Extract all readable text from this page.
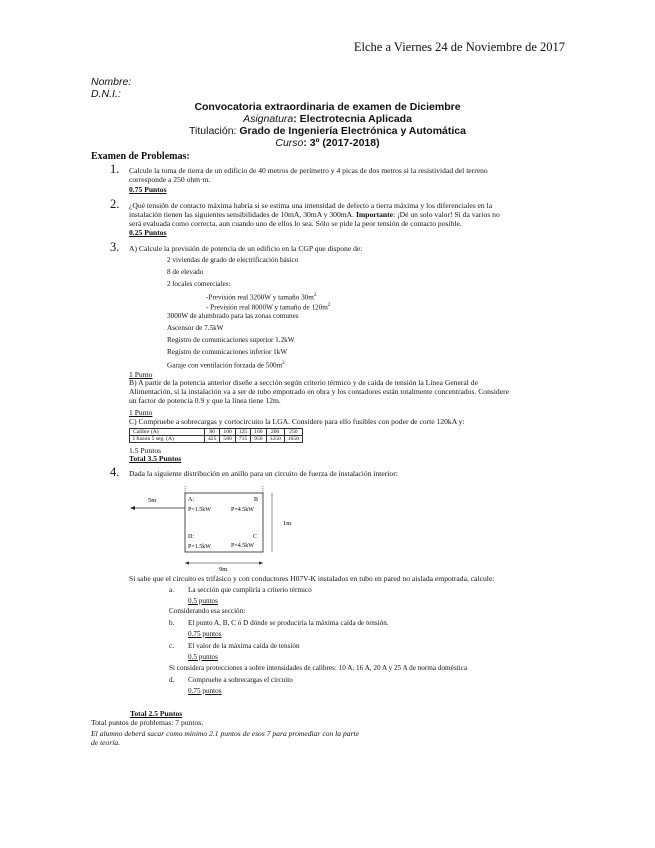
Elche a Viernes 24 de Noviembre de 2017
Nombre:
D.N.I.:
Convocatoria extraordinaria de examen de Diciembre
Asignatura: Electrotecnia Aplicada
Titulación: Grado de Ingeniería Electrónica y Automática
Curso: 3º (2017-2018)
Examen de Problemas:
1. Calcule la toma de tierra de un edificio de 40 metros de perímetro y 4 picas de dos metros si la resistividad del terreno
corresponde a 250 ohm·m.
0.75 Puntos
2. ¿Qué tensión de contacto máxima habría si se estima una intensidad de defecto a tierra máxima y los diferenciales en la
instalación tienen las siguientes sensibilidades de 10mA, 30mA y 300mA. Importante: ¡Dé un solo valor! Si da varios no
será evaluada como correcta, aun cuando uno de ellos lo sea. Sólo se pide la peor tensión de contacto posible.
0.25 Puntos
3. A) Calcule la previsión de potencia de un edificio en la CGP que dispone de:
2 viviendas de grado de electrificación básico
8 de elevado
2 locales comerciales:
-Previsión real 3200W y tamaño $30m^2$
- Previsión real 8000W y tamaño de $120m^2$
3000W de alumbrado para las zonas comunes
Ascensor de 7.5kW
Registro de comunicaciones superior 1.2kW
Registro de comunicaciones inferior 1kW
Garaje con ventilación forzada de $500m^2$
1 Punto
B) A partir de la potencia anterior diseñe a sección según criterio térmico y de caída de tensión la Línea General de
Alimentación, si la instalación va a ser de tubo empotrado en obra y los contadores están totalmente concentrados. Considere
un factor de potencia 0.9 y que la línea tiene 12m.
1 Punto
C) Compruebe a sobrecargas y cortocircuito la LGA. Considere para ello fusibles con poder de corte 120kA y:
Calibre (A)	80	100	125	160	200	250
I fusión 5 seg. (A)	425	580	715	950	1250	1650
1.5 Puntos
Total 3.5 Puntos
4. Dada la siguiente distribución en anillo para un circuito de fuerza de instalación interior:
5m
9m
1m
A:
P=1.5kW
B
P=4.5kW
D:
P=1.5kW
C
P=4.5kW
Si sabe que el circuito es trifásico y con conductores H07V-K instalados en tubo en pared no aislada empotrada, calcule:
a. La sección que cumpliría a criterio térmico
0.5 puntos
Considerando esa sección:
b. El punto A, B, C ó D dónde se produciría la máxima caída de tensión.
0.75 puntos
c. El valor de la máxima caída de tensión
0.5 puntos
Si considera protecciones a sobre intensidades de calibres: 10 A, 16 A, 20 A y 25 A de norma doméstica
d. Compruebe a sobrecargas el circuito
0.75 puntos
Total 2.5 Puntos
Total puntos de problemas: 7 puntos.
El alumno deberá sacar como mínimo 2.1 puntos de esos 7 para promediar con la parte
de teoría.
